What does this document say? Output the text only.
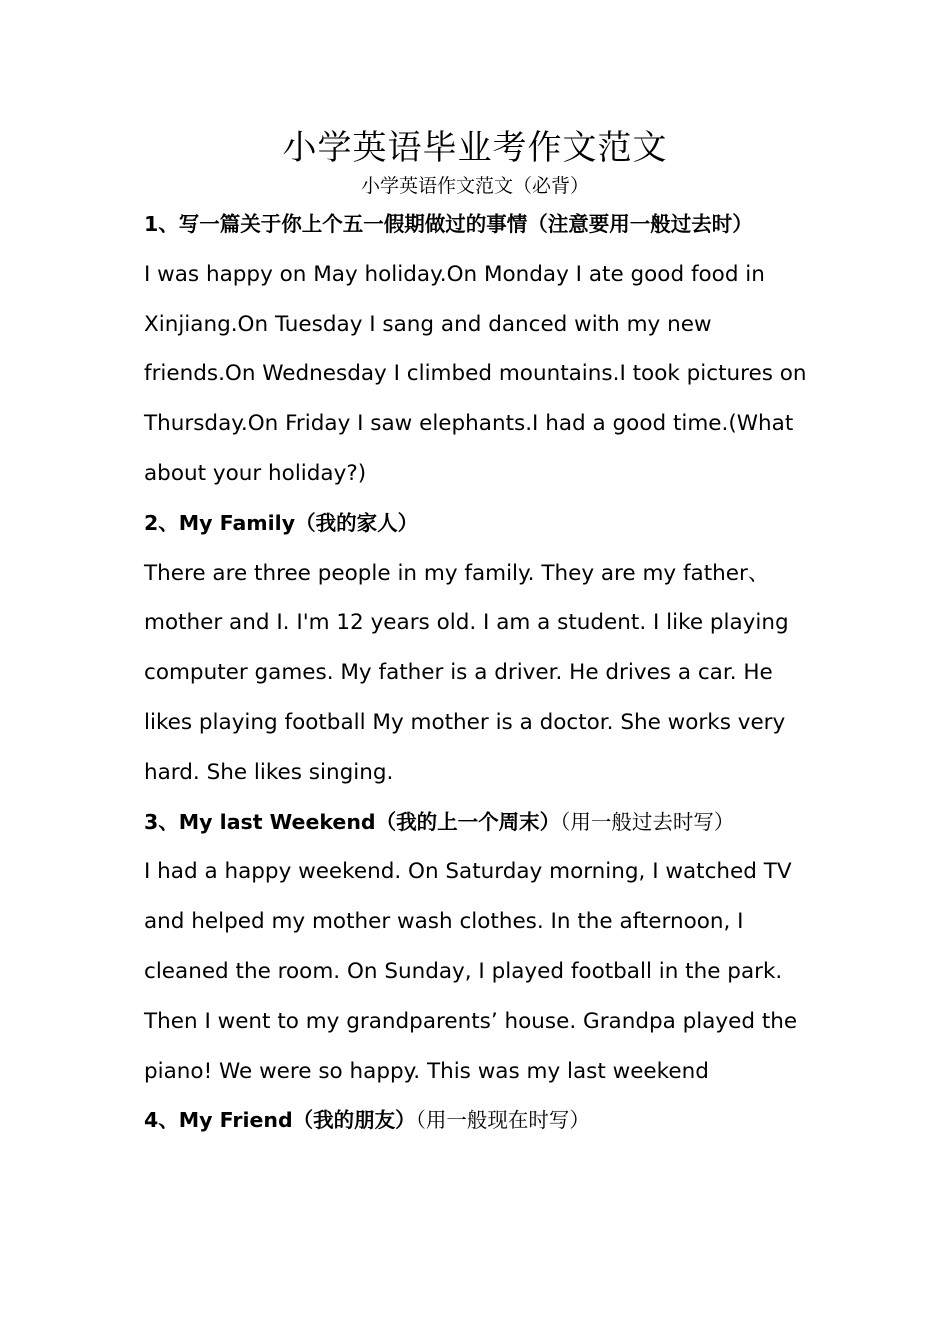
小学英语毕业考作文范文
小学英语作文范文（必背）
1、写一篇关于你上个五一假期做过的事情（注意要用一般过去时）
I was happy on May holiday.On Monday I ate good food in
Xinjiang.On Tuesday I sang and danced with my new
friends.On Wednesday I climbed mountains.I took pictures on
Thursday.On Friday I saw elephants.I had a good time.(What
about your holiday?)
2、My Family（我的家人）
There are three people in my family. They are my father、
mother and I. I'm 12 years old. I am a student. I like playing
computer games. My father is a driver. He drives a car. He
likes playing football My mother is a doctor. She works very
hard. She likes singing.
3、My last Weekend（我的上一个周末）（用一般过去时写）
I had a happy weekend. On Saturday morning, I watched TV
and helped my mother wash clothes. In the afternoon, I
cleaned the room. On Sunday, I played football in the park.
Then I went to my grandparents’ house. Grandpa played the
piano! We were so happy. This was my last weekend
4、My Friend（我的朋友）（用一般现在时写）
